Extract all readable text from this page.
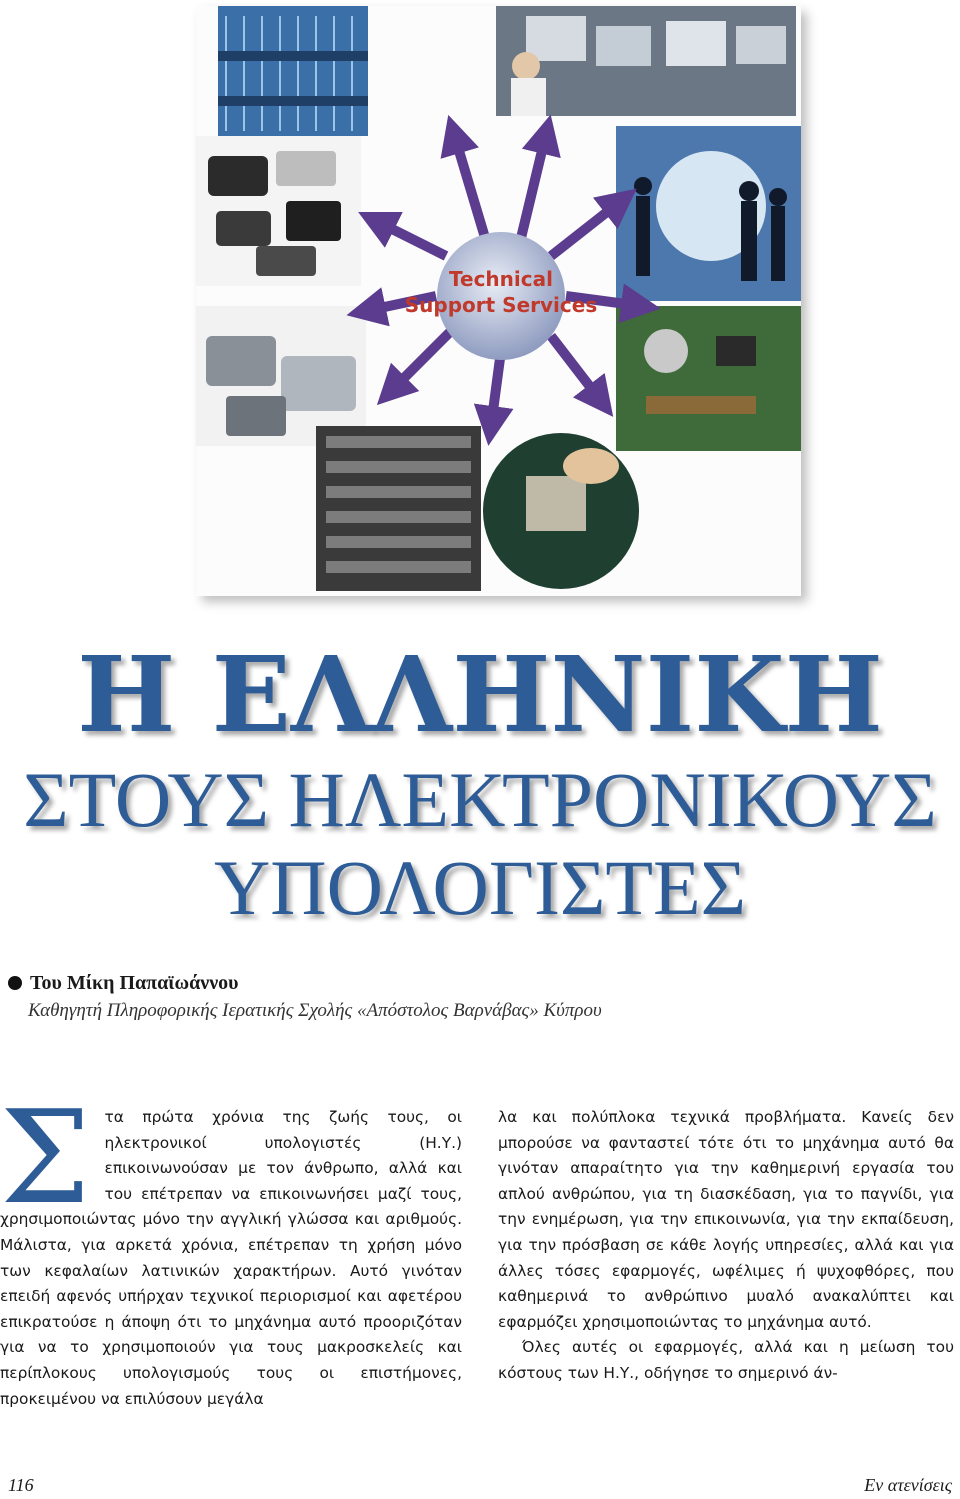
Technical
Support Services
Η ΕΛΛΗΝΙΚΗ
ΣΤΟΥΣ ΗΛΕΚΤΡΟΝΙΚΟΥΣ
ΥΠΟΛΟΓΙΣΤΕΣ
Του Μίκη Παπαϊωάννου
Καθηγητή Πληροφορικής Ιερατικής Σχολής «Απόστολος Βαρνάβας» Κύπρου

Στα πρώτα χρόνια της ζωής τους, οι ηλεκτρονικοί υπολογιστές (Η.Υ.) επικοινωνούσαν με τον άνθρωπο, αλλά και του επέτρεπαν να επικοινωνήσει μαζί τους, χρησιμοποιώντας μόνο την αγγλική γλώσσα και αριθμούς. Μάλιστα, για αρκετά χρόνια, επέτρεπαν τη χρήση μόνο των κεφαλαίων λατινικών χαρακτήρων. Αυτό γινόταν επειδή αφενός υπήρχαν τεχνικοί περιορισμοί και αφετέρου επικρατούσε η άποψη ότι το μηχάνημα αυτό προοριζόταν για να το χρησιμοποιούν για τους μακροσκελείς και περίπλοκους υπολογισμούς τους οι επιστήμονες, προκειμένου να επιλύσουν μεγάλα

λα και πολύπλοκα τεχνικά προβλήματα. Κανείς δεν μπορούσε να φανταστεί τότε ότι το μηχάνημα αυτό θα γινόταν απαραίτητο για την καθημερινή εργασία του απλού ανθρώπου, για τη διασκέδαση, για το παγνίδι, για την ενημέρωση, για την επικοινωνία, για την εκπαίδευση, για την πρόσβαση σε κάθε λογής υπηρεσίες, αλλά και για άλλες τόσες εφαρμογές, ωφέλιμες ή ψυχοφθόρες, που καθημερινά το ανθρώπινο μυαλό ανακαλύπτει και εφαρμόζει χρησιμοποιώντας το μηχάνημα αυτό.

Όλες αυτές οι εφαρμογές, αλλά και η μείωση του κόστους των Η.Υ., οδήγησε το σημερινό άν-

116	Εν ατενίσεις
